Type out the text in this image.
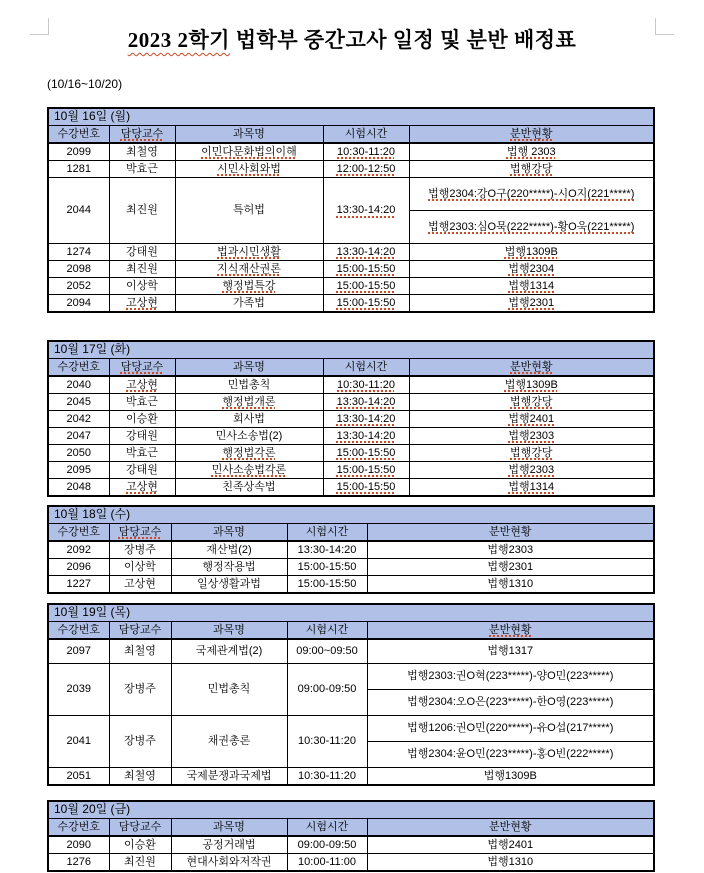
2023 2학기 법학부 중간고사 일정 및 분반 배정표
(10/16~10/20)
10월 16일 (월)				
수강번호	담당교수	과목명	시험시간	분반현황
2099	최철영	이민다문화법의이해	10:30-11:20	법행 2303
1281	박효근	시민사회와법	12:00-12:50	법행강당
2044	최진원	특허법	13:30-14:20	법행2304:강O구(220*****)-시O지(221*****)
				법행2303:심O묵(222*****)-황O욱(221*****)
1274	강태원	법과시민생활	13:30-14:20	법행1309B
2098	최진원	지식재산권론	15:00-15:50	법행2304
2052	이상학	행정법특강	15:00-15:50	법행1314
2094	고상현	가족법	15:00-15:50	법행2301
10월 17일 (화)				
수강번호	담당교수	과목명	시험시간	분반현황
2040	고상현	민법총칙	10:30-11:20	법행1309B
2045	박효근	행정법개론	13:30-14:20	법행강당
2042	이승환	회사법	13:30-14:20	법행2401
2047	강태원	민사소송법(2)	13:30-14:20	법행2303
2050	박효근	행정법각론	15:00-15:50	법행강당
2095	강태원	민사소송법각론	15:00-15:50	법행2303
2048	고상현	친족상속법	15:00-15:50	법행1314
10월 18일 (수)				
수강번호	담당교수	과목명	시험시간	분반현황
2092	장병주	재산법(2)	13:30-14:20	법행2303
2096	이상학	행정작용법	15:00-15:50	법행2301
1227	고상현	일상생활과법	15:00-15:50	법행1310
10월 19일 (목)				
수강번호	담당교수	과목명	시험시간	분반현황
2097	최철영	국제관계법(2)	09:00~09:50	법행1317
2039	장병주	민법총칙	09:00-09:50	법행2303:권O혁(223*****)-양O민(223*****)
				법행2304:오O은(223*****)-한O영(223*****)
2041	장병주	채권총론	10:30-11:20	법행1206:권O민(220*****)-유O섭(217*****)
				법행2304:윤O민(223*****)-홍O빈(222*****)
2051	최철영	국제분쟁과국제법	10:30-11:20	법행1309B
10월 20일 (금)				
수강번호	담당교수	과목명	시험시간	분반현황
2090	이승환	공정거래법	09:00-09:50	법행2401
1276	최진원	현대사회와저작권	10:00-11:00	법행1310
